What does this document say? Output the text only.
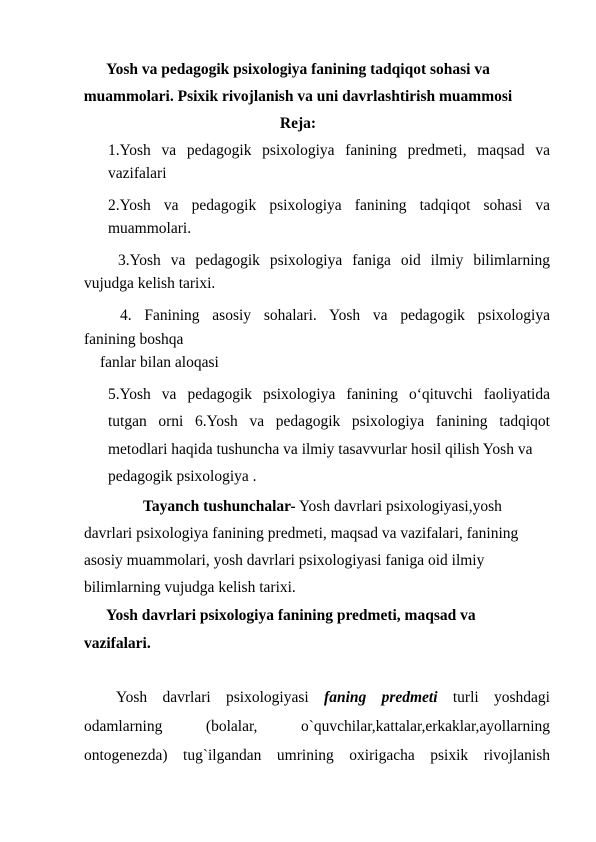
Yosh va pedagogik psixologiya fanining tadqiqot sohasi va
muammolari. Psixik rivojlanish va uni davrlashtirish muammosi
Reja:
1.Yosh va pedagogik psixologiya fanining predmeti, maqsad va
vazifalari
2.Yosh va pedagogik psixologiya fanining tadqiqot sohasi va
muammolari.
3.Yosh va pedagogik psixologiya faniga oid ilmiy bilimlarning
vujudga kelish tarixi.
4. Fanining asosiy sohalari. Yosh va pedagogik psixologiya
fanining boshqa
fanlar bilan aloqasi
5.Yosh va pedagogik psixologiya fanining o‘qituvchi faoliyatida
tutgan orni 6.Yosh va pedagogik psixologiya fanining tadqiqot
metodlari haqida tushuncha va ilmiy tasavvurlar hosil qilish Yosh va
pedagogik psixologiya .
Tayanch tushunchalar- Yosh davrlari psixologiyasi,yosh
davrlari psixologiya fanining predmeti, maqsad va vazifalari, fanining
asosiy muammolari, yosh davrlari psixologiyasi faniga oid ilmiy
bilimlarning vujudga kelish tarixi.
Yosh davrlari psixologiya fanining predmeti, maqsad va
vazifalari.
Yosh davrlari psixologiyasi faning predmeti turli yoshdagi
odamlarning (bolalar, o`quvchilar,kattalar,erkaklar,ayollarning
ontogenezda) tug`ilgandan umrining oxirigacha psixik rivojlanish
